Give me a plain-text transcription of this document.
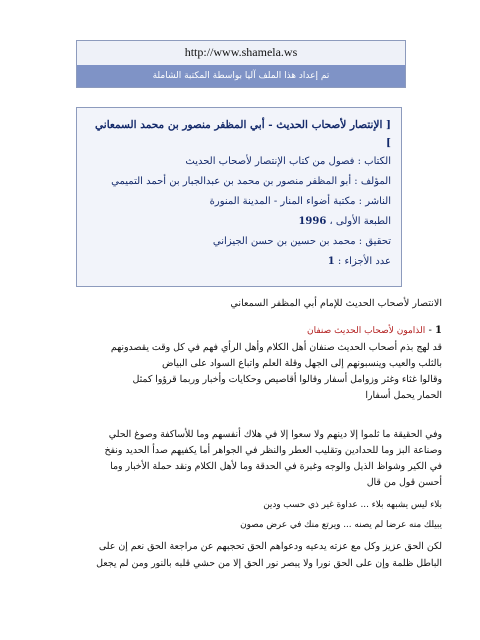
http://www.shamela.ws
تم إعداد هذا الملف آليا بواسطة المكتبة الشاملة
[ الإنتصار لأصحاب الحديث - أبي المظفر منصور بن محمد السمعاني
]
الكتاب : فصول من كتاب الإنتصار لأصحاب الحديث
المؤلف : أبو المظفر منصور بن محمد بن عبدالجبار بن أحمد التميمي
الناشر : مكتبة أضواء المنار - المدينة المنورة
الطبعة الأولى ، 1996
تحقيق : محمد بن حسين بن حسن الجيزاني
عدد الأجزاء : 1
الانتصار لأصحاب الحديث للإمام أبي المظفر السمعاني
1 - الذامون لأصحاب الحديث صنفان
قد لهج بذم أصحاب الحديث صنفان أهل الكلام وأهل الرأي فهم في كل وقت يقصدونهم
بالثلب والعيب وينسبونهم إلى الجهل وقلة العلم واتباع السواد على البياض
وقالوا غثاء وغثر وزوامل أسفار وقالوا أقاصيص وحكايات وأخبار وربما قرؤوا كمثل
الحمار يحمل أسفارا
وفي الحقيقة ما ثلموا إلا دينهم ولا سعوا إلا في هلاك أنفسهم وما للأساكفة وصوغ الحلي
وصناعة البز وما للحدادين وتقليب العطر والنظر في الجواهر أما يكفيهم صدأ الحديد ونفخ
في الكير وشواظ الذيل والوجه وغبرة في الحدقة وما لأهل الكلام ونقد حملة الأخبار وما
أحسن قول من قال
بلاء ليس يشبهه بلاء ... عداوة غير ذي حسب ودين
يبيلك منه عرضا لم يصنه ... ويرتع منك في عرض مصون
لكن الحق عزيز وكل مع عزته يدعيه ودعواهم الحق تحجبهم عن مراجعة الحق نعم إن على
الباطل ظلمة وإن على الحق نورا ولا يبصر نور الحق إلا من حشي قلبه بالنور ومن لم يجعل
